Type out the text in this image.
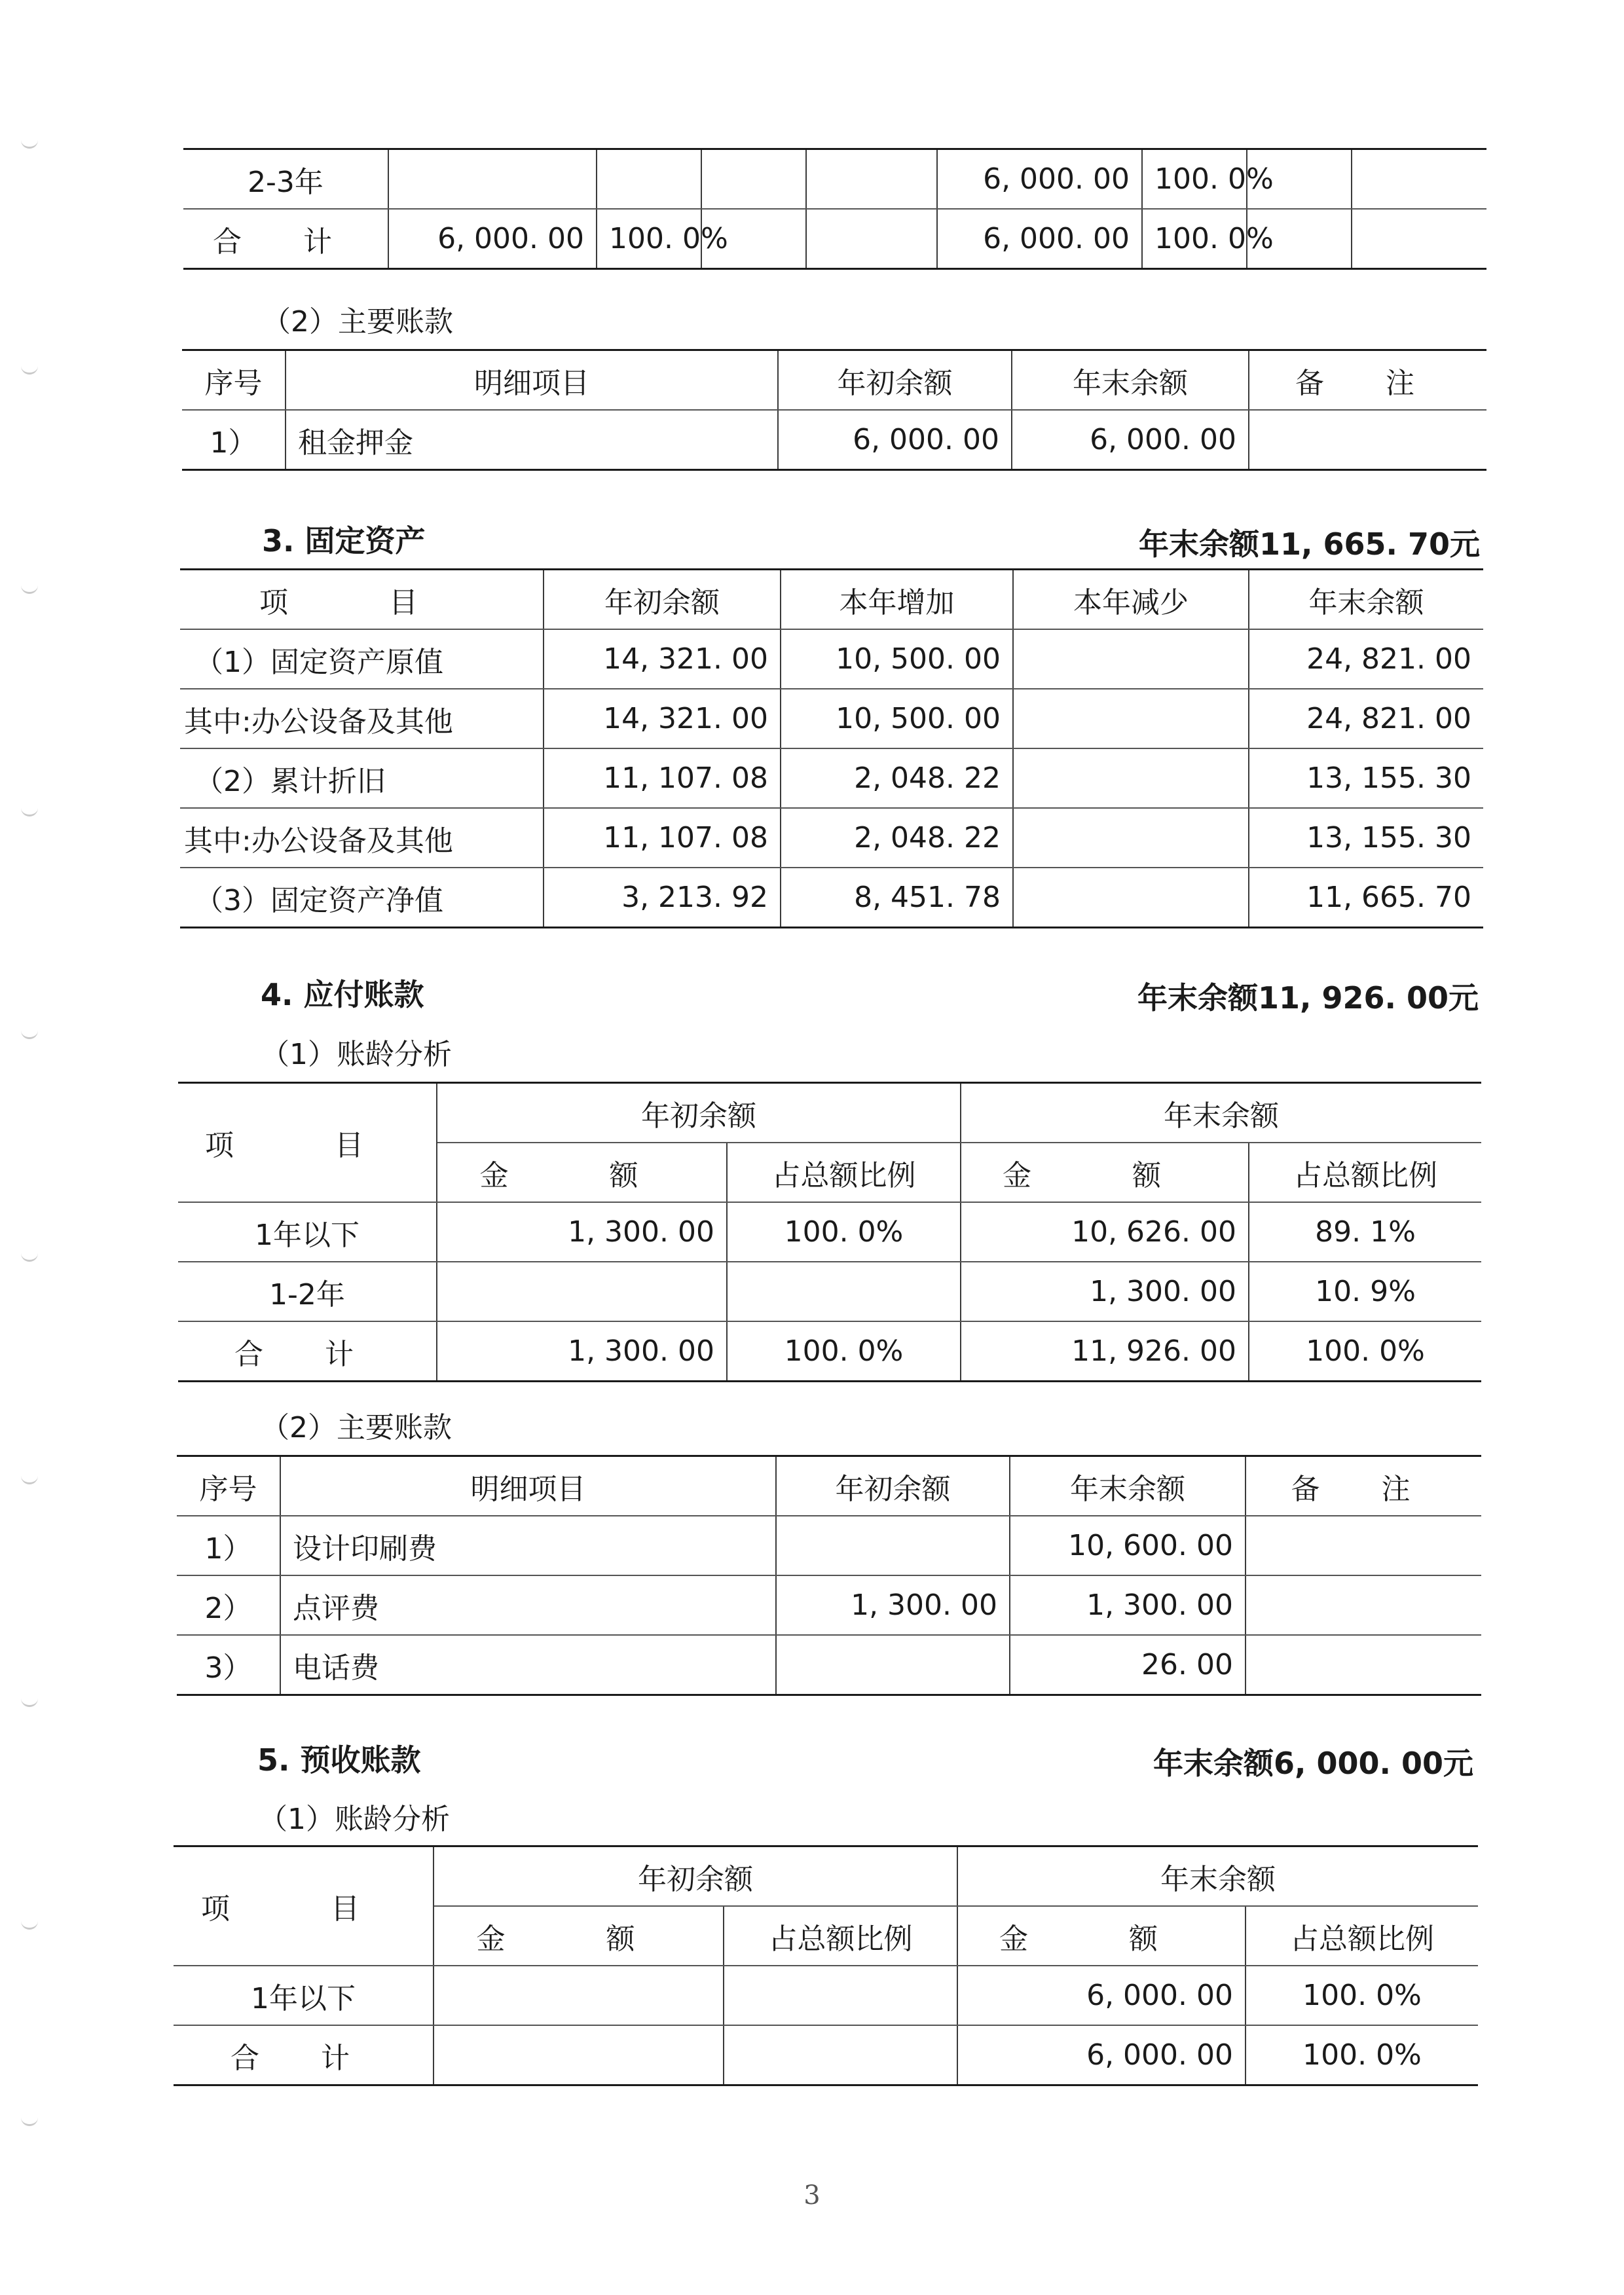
2-3年					6, 000. 00	100. 0%		
合 计	6, 000. 00	100. 0%			6, 000. 00	100. 0%		
（2）主要账款
序号	明细项目	年初余额	年末余额	备 注
1）	租金押金	6, 000. 00	6, 000. 00	
3. 固定资产	年末余额11, 665. 70元
项 目	年初余额	本年增加	本年减少	年末余额
（1）固定资产原值	14, 321. 00	10, 500. 00		24, 821. 00
其中:办公设备及其他	14, 321. 00	10, 500. 00		24, 821. 00
（2）累计折旧	11, 107. 08	2, 048. 22		13, 155. 30
其中:办公设备及其他	11, 107. 08	2, 048. 22		13, 155. 30
（3）固定资产净值	3, 213. 92	8, 451. 78		11, 665. 70
4. 应付账款	年末余额11, 926. 00元
（1）账龄分析
项 目	年初余额		年末余额	
	金 额	占总额比例	金 额	占总额比例
1年以下	1, 300. 00	100. 0%	10, 626. 00	89. 1%
1-2年			1, 300. 00	10. 9%
合 计	1, 300. 00	100. 0%	11, 926. 00	100. 0%
（2）主要账款
序号	明细项目	年初余额	年末余额	备 注
1）	设计印刷费		10, 600. 00	
2）	点评费	1, 300. 00	1, 300. 00	
3）	电话费		26. 00	
5. 预收账款	年末余额6, 000. 00元
（1）账龄分析
项 目	年初余额		年末余额	
	金 额	占总额比例	金 额	占总额比例
1年以下			6, 000. 00	100. 0%
合 计			6, 000. 00	100. 0%
3
